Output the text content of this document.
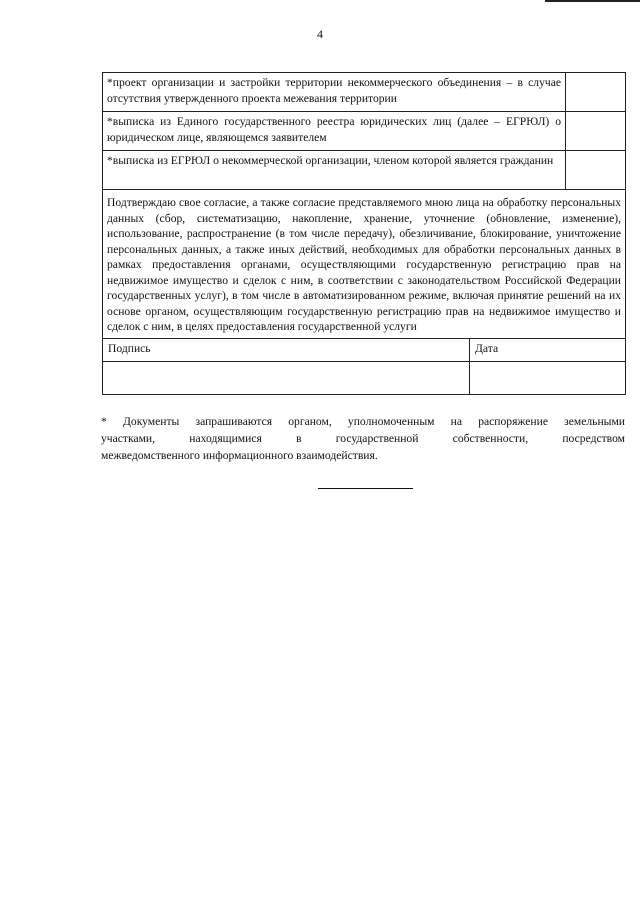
4
*проект организации и застройки территории некоммерческого объединения – в случае отсутствия утвержденного проекта межевания территории		
*выписка из Единого государственного реестра юридических лиц (далее – ЕГРЮЛ) о юридическом лице, являющемся заявителем		
*выписка из ЕГРЮЛ о некоммерческой организации, членом которой является гражданин		
Подтверждаю свое согласие, а также согласие представляемого мною лица на обработку персональных данных (сбор, систематизацию, накопление, хранение, уточнение (обновление, изменение), использование, распространение (в том числе передачу), обезличивание, блокирование, уничтожение персональных данных, а также иных действий, необходимых для обработки персональных данных в рамках предоставления органами, осуществляющими государственную регистрацию прав на недвижимое имущество и сделок с ним, в соответствии с законодательством Российской Федерации государственных услуг), в том числе в автоматизированном режиме, включая принятие решений на их основе органом, осуществляющим государственную регистрацию прав на недвижимое имущество и сделок с ним, в целях предоставления государственной услуги		
Подпись	Дата	

* Документы запрашиваются органом, уполномоченным на распоряжение земельными
участками, находящимися в государственной собственности, посредством
межведомственного информационного взаимодействия.
